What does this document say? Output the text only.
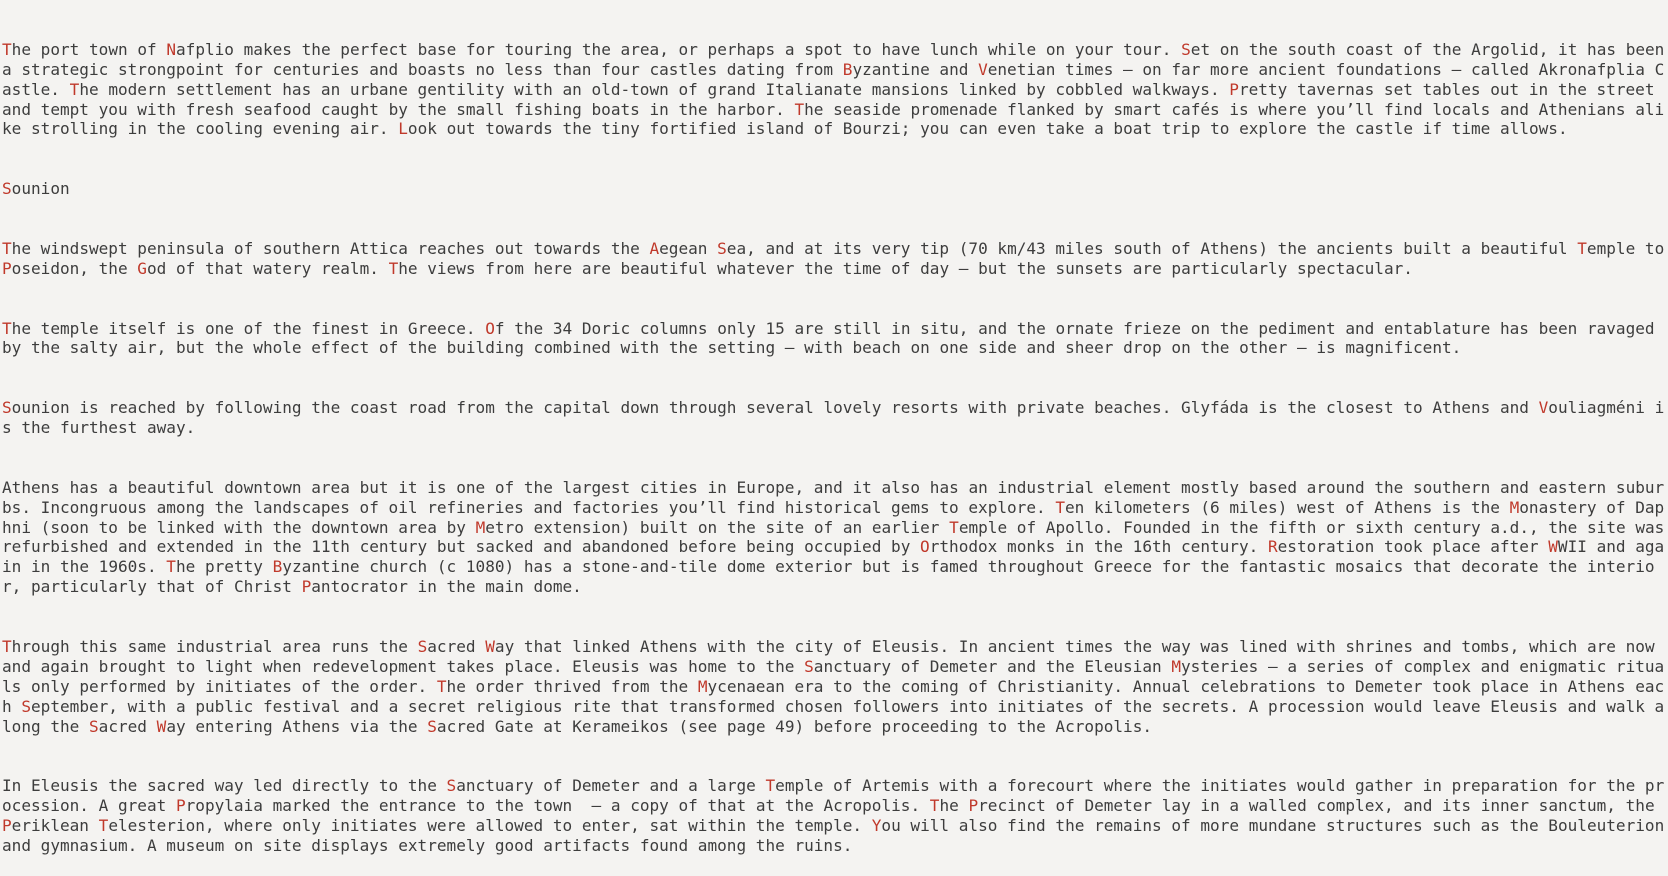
The port town of Nafplio makes the perfect base for touring the area, or perhaps a spot to have lunch while on your tour. Set on the south coast of the Argolid, it has been a strategic strongpoint for centuries and boasts no less than four castles dating from Byzantine and Venetian times — on far more ancient foundations — called Akronafplia Castle. The modern settlement has an urbane gentility with an old-town of grand Italianate mansions linked by cobbled walkways. Pretty tavernas set tables out in the street and tempt you with fresh seafood caught by the small fishing boats in the harbor. The seaside promenade flanked by smart cafés is where you’ll find locals and Athenians alike strolling in the cooling evening air. Look out towards the tiny fortified island of Bourzi; you can even take a boat trip to explore the castle if time allows.

Sounion

The windswept peninsula of southern Attica reaches out towards the Aegean Sea, and at its very tip (70 km/43 miles south of Athens) the ancients built a beautiful Temple to Poseidon, the God of that watery realm. The views from here are beautiful whatever the time of day — but the sunsets are particularly spectacular.

The temple itself is one of the finest in Greece. Of the 34 Doric columns only 15 are still in situ, and the ornate frieze on the pediment and entablature has been ravaged by the salty air, but the whole effect of the building combined with the setting — with beach on one side and sheer drop on the other — is magnificent.

Sounion is reached by following the coast road from the capital down through several lovely resorts with private beaches. Glyfáda is the closest to Athens and Vouliagméni is the furthest away.

Athens has a beautiful downtown area but it is one of the largest cities in Europe, and it also has an industrial element mostly based around the southern and eastern suburbs. Incongruous among the landscapes of oil refineries and factories you’ll find historical gems to explore. Ten kilometers (6 miles) west of Athens is the Monastery of Daphni (soon to be linked with the downtown area by Metro extension) built on the site of an earlier Temple of Apollo. Founded in the fifth or sixth century a.d., the site was refurbished and extended in the 11th century but sacked and abandoned before being occupied by Orthodox monks in the 16th century. Restoration took place after WWII and again in the 1960s. The pretty Byzantine church (c 1080) has a stone-and-tile dome exterior but is famed throughout Greece for the fantastic mosaics that decorate the interior, particularly that of Christ Pantocrator in the main dome.

Through this same industrial area runs the Sacred Way that linked Athens with the city of Eleusis. In ancient times the way was lined with shrines and tombs, which are now and again brought to light when redevelopment takes place. Eleusis was home to the Sanctuary of Demeter and the Eleusian Mysteries — a series of complex and enigmatic rituals only performed by initiates of the order. The order thrived from the Mycenaean era to the coming of Christianity. Annual celebrations to Demeter took place in Athens each September, with a public festival and a secret religious rite that transformed chosen followers into initiates of the secrets. A procession would leave Eleusis and walk along the Sacred Way entering Athens via the Sacred Gate at Kerameikos (see page 49) before proceeding to the Acropolis.

In Eleusis the sacred way led directly to the Sanctuary of Demeter and a large Temple of Artemis with a forecourt where the initiates would gather in preparation for the procession. A great Propylaia marked the entrance to the town — a copy of that at the Acropolis. The Precinct of Demeter lay in a walled complex, and its inner sanctum, the Periklean Telesterion, where only initiates were allowed to enter, sat within the temple. You will also find the remains of more mundane structures such as the Bouleuterion and gymnasium. A museum on site displays extremely good artifacts found among the ruins.
